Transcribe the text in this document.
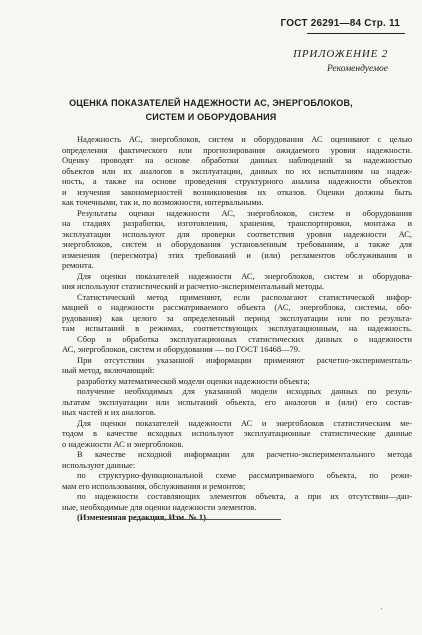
ГОСТ 26291—84 Стр. 11
ПРИЛОЖЕНИЕ 2
Рекомендуемое
ОЦЕНКА ПОКАЗАТЕЛЕЙ НАДЕЖНОСТИ АС, ЭНЕРГОБЛОКОВ,
СИСТЕМ И ОБОРУДОВАНИЯ
Надежность АС, энергоблоков, систем и оборудования АС оценивают с целью
определения фактического или прогнозирования ожидаемого уровня надежности.
Оценку проводят на основе обработки данных наблюдений за надежностью
объектов или их аналогов в эксплуатации, данных по их испытаниям на надеж-
ность, а также на основе проведения структурного анализа надежности объектов
и изучения закономерностей возникновения их отказов. Оценки должны быть
как точечными, так и, по возможности, интервальными.
Результаты оценки надежности АС, энергоблоков, систем и оборудования
на стадиях разработки, изготовления, хранения, транспортировки, монтажа и
эксплуатации используют для проверки соответствия уровня надежности АС,
энергоблоков, систем и оборудования установленным требованиям, а также для
изменения (пересмотра) этих требований и (или) регламентов обслуживания и
ремонта.
Для оценки показателей надежности АС, энергоблоков, систем и оборудова-
ния используют статистический и расчетно-экспериментальный методы.
Статистический метод применяют, если располагают статистической инфор-
мацией о надежности рассматриваемого объекта (АС, энергоблока, системы, обо-
рудования) как целого за определенный период эксплуатации или по результа-
там испытаний в режимах, соответствующих эксплуатационным, на надежность.
Сбор и обработка эксплуатационных статистических данных о надежности
АС, энергоблоков, систем и оборудования — по ГОСТ 16468—79.
При отсутствии указанной информации применяют расчетно-эксперименталь-
ный метод, включающий:
разработку математической модели оценки надежности объекта;
получение необходимых для указанной модели исходных данных по резуль-
льтатам эксплуатации или испытаний объекта, его аналогов и (или) его состав-
ных частей и их аналогов.
Для оценки показателей надежности АС и энергоблоков статистическим ме-
тодом в качестве исходных используют эксплуатационные статистические данные
о надежности АС и энергоблоков.
В качестве исходной информации для расчетно-экспериментального метода
используют данные:
по структурно-функциональной схеме рассматриваемого объекта, по режи-
мам его использования, обслуживания и ремонтов;
по надежности составляющих элементов объекта, а при их отсутствии—дан-
ные, необходимые для оценки надежности элементов.
(Измененная редакция, Изм. № 1).
'
